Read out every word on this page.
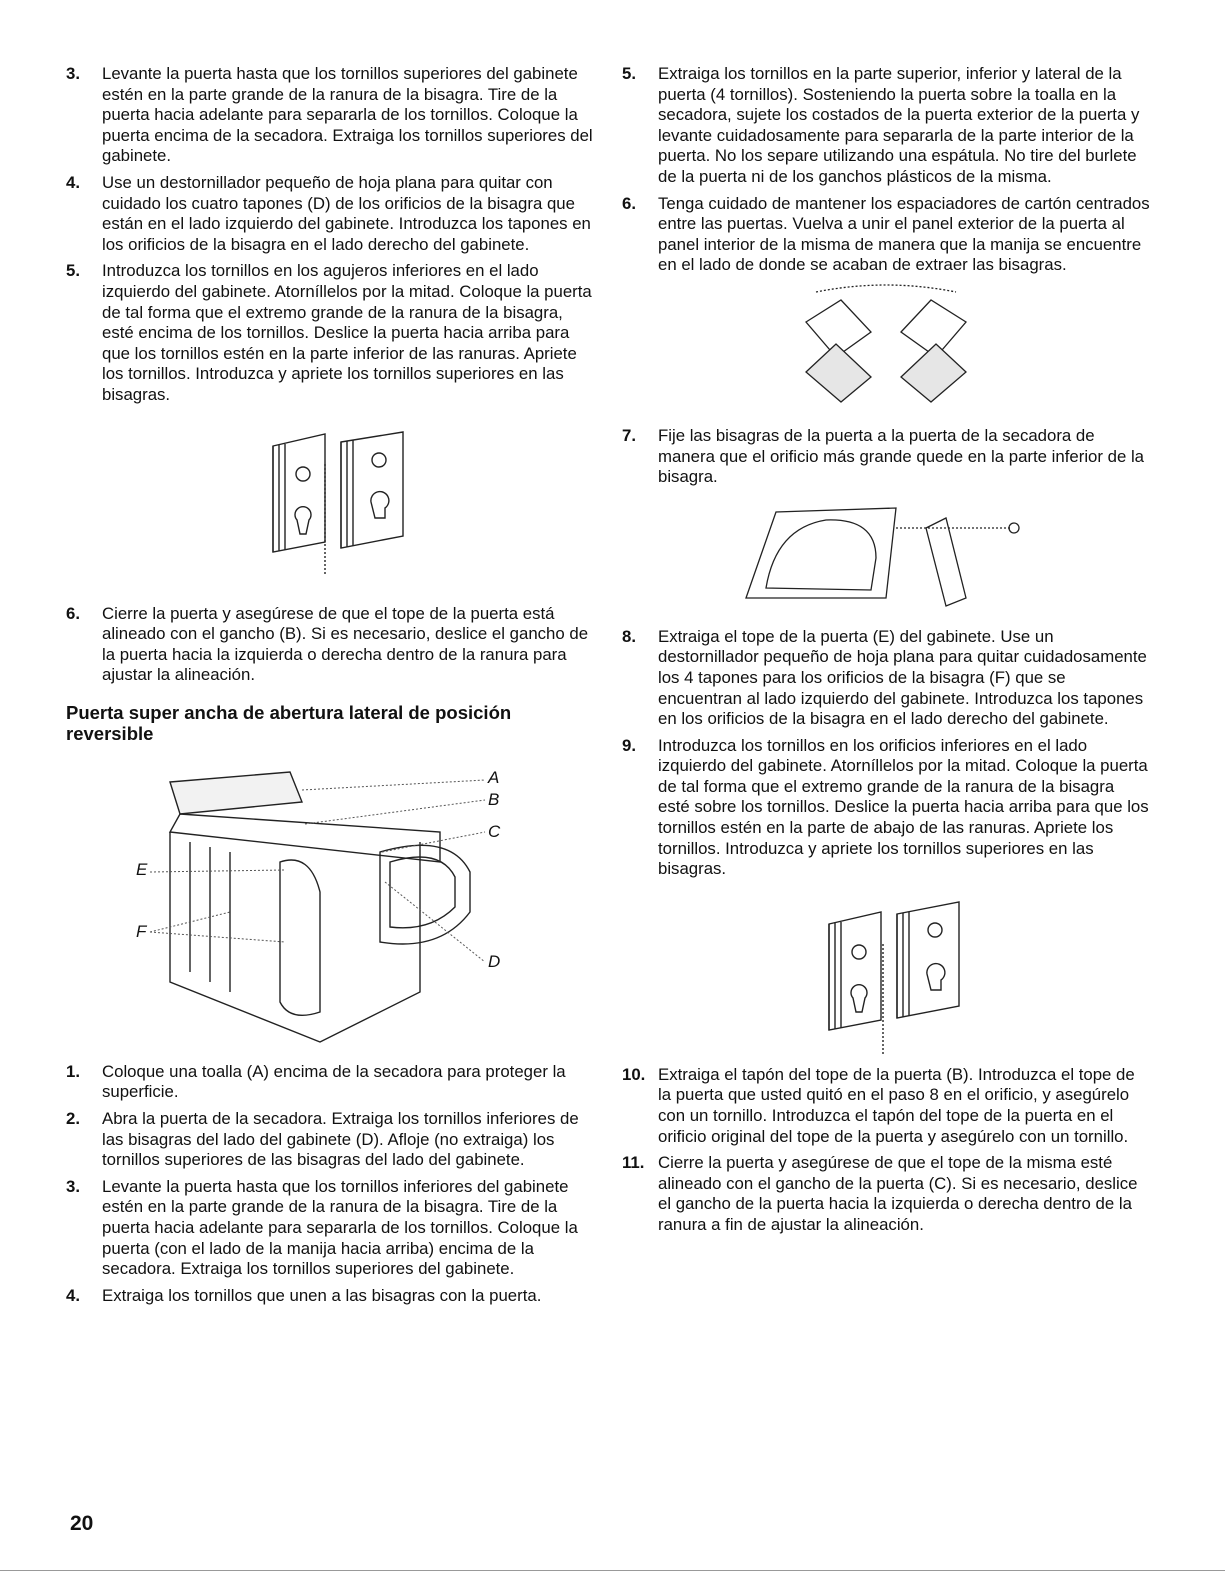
3.	Levante la puerta hasta que los tornillos superiores del gabinete estén en la parte grande de la ranura de la bisagra. Tire de la puerta hacia adelante para separarla de los tornillos. Coloque la puerta encima de la secadora. Extraiga los tornillos superiores del gabinete.
4.	Use un destornillador pequeño de hoja plana para quitar con cuidado los cuatro tapones (D) de los orificios de la bisagra que están en el lado izquierdo del gabinete. Introduzca los tapones en los orificios de la bisagra en el lado derecho del gabinete.
5.	Introduzca los tornillos en los agujeros inferiores en el lado izquierdo del gabinete. Atorníllelos por la mitad. Coloque la puerta de tal forma que el extremo grande de la ranura de la bisagra, esté encima de los tornillos. Deslice la puerta hacia arriba para que los tornillos estén en la parte inferior de las ranuras. Apriete los tornillos. Introduzca y apriete los tornillos superiores en las bisagras.
6.	Cierre la puerta y asegúrese de que el tope de la puerta está alineado con el gancho (B). Si es necesario, deslice el gancho de la puerta hacia la izquierda o derecha dentro de la ranura para ajustar la alineación.
Puerta super ancha de abertura lateral de posición reversible
A
B
C
D
E
F
1.	Coloque una toalla (A) encima de la secadora para proteger la superficie.
2.	Abra la puerta de la secadora. Extraiga los tornillos inferiores de las bisagras del lado del gabinete (D). Afloje (no extraiga) los tornillos superiores de las bisagras del lado del gabinete.
3.	Levante la puerta hasta que los tornillos inferiores del gabinete estén en la parte grande de la ranura de la bisagra. Tire de la puerta hacia adelante para separarla de los tornillos. Coloque la puerta (con el lado de la manija hacia arriba) encima de la secadora. Extraiga los tornillos superiores del gabinete.
4.	Extraiga los tornillos que unen a las bisagras con la puerta.
5.	Extraiga los tornillos en la parte superior, inferior y lateral de la puerta (4 tornillos). Sosteniendo la puerta sobre la toalla en la secadora, sujete los costados de la puerta exterior de la puerta y levante cuidadosamente para separarla de la parte interior de la puerta. No los separe utilizando una espátula. No tire del burlete de la puerta ni de los ganchos plásticos de la misma.
6.	Tenga cuidado de mantener los espaciadores de cartón centrados entre las puertas. Vuelva a unir el panel exterior de la puerta al panel interior de la misma de manera que la manija se encuentre en el lado de donde se acaban de extraer las bisagras.
7.	Fije las bisagras de la puerta a la puerta de la secadora de manera que el orificio más grande quede en la parte inferior de la bisagra.
8.	Extraiga el tope de la puerta (E) del gabinete. Use un destornillador pequeño de hoja plana para quitar cuidadosamente los 4 tapones para los orificios de la bisagra (F) que se encuentran al lado izquierdo del gabinete. Introduzca los tapones en los orificios de la bisagra en el lado derecho del gabinete.
9.	Introduzca los tornillos en los orificios inferiores en el lado izquierdo del gabinete. Atorníllelos por la mitad. Coloque la puerta de tal forma que el extremo grande de la ranura de la bisagra esté sobre los tornillos. Deslice la puerta hacia arriba para que los tornillos estén en la parte de abajo de las ranuras. Apriete los tornillos. Introduzca y apriete los tornillos superiores en las bisagras.
10. Extraiga el tapón del tope de la puerta (B). Introduzca el tope de la puerta que usted quitó en el paso 8 en el orificio, y asegúrelo con un tornillo. Introduzca el tapón del tope de la puerta en el orificio original del tope de la puerta y asegúrelo con un tornillo.
11. Cierre la puerta y asegúrese de que el tope de la misma esté alineado con el gancho de la puerta (C). Si es necesario, deslice el gancho de la puerta hacia la izquierda o derecha dentro de la ranura a fin de ajustar la alineación.
20
